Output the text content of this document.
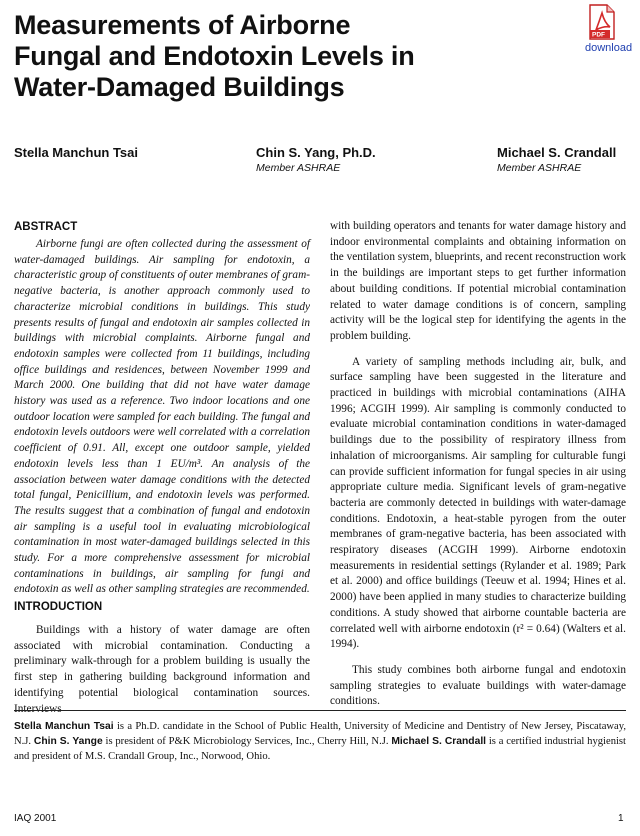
Measurements of Airborne
Fungal and Endotoxin Levels in
Water-Damaged Buildings
PDF
download
Stella Manchun Tsai	Chin S. Yang, Ph.D.
Member ASHRAE
Michael S. Crandall
Member ASHRAE
ABSTRACT

Airborne fungi are often collected during the assessment of water-damaged buildings. Air sampling for endotoxin, a characteristic group of constituents of outer membranes of gram-negative bacteria, is another approach commonly used to characterize microbial conditions in buildings. This study presents results of fungal and endotoxin air samples collected in buildings with microbial complaints. Airborne fungal and endotoxin samples were collected from 11 buildings, including office buildings and residences, between November 1999 and March 2000. One building that did not have water damage history was used as a reference. Two indoor locations and one outdoor location were sampled for each building. The fungal and endotoxin levels outdoors were well correlated with a correlation coefficient of 0.91. All, except one outdoor sample, yielded endotoxin levels less than 1 EU/m³. An analysis of the association between water damage conditions with the detected total fungal, Penicillium, and endotoxin levels was performed. The results suggest that a combination of fungal and endotoxin air sampling is a useful tool in evaluating microbiological contamination in most water-damaged buildings selected in this study. For a more comprehensive assessment for microbial contaminations in buildings, air sampling for fungi and endotoxin as well as other sampling strategies are recommended.

INTRODUCTION

Buildings with a history of water damage are often associated with microbial contamination. Conducting a preliminary walk-through for a problem building is usually the first step in gathering building background information and identifying potential biological contamination sources. Interviews

with building operators and tenants for water damage history and indoor environmental complaints and obtaining information on the ventilation system, blueprints, and recent reconstruction work in the buildings are important steps to get further information about building conditions. If potential microbial contamination related to water damage conditions is of concern, sampling activity will be the logical step for identifying the agents in the problem building.

A variety of sampling methods including air, bulk, and surface sampling have been suggested in the literature and practiced in buildings with microbial contaminations (AIHA 1996; ACGIH 1999). Air sampling is commonly conducted to evaluate microbial contamination conditions in water-damaged buildings due to the possibility of respiratory illness from inhalation of microorganisms. Air sampling for culturable fungi can provide sufficient information for fungal species in air using appropriate culture media. Significant levels of gram-negative bacteria are commonly detected in buildings with water-damage conditions. Endotoxin, a heat-stable pyrogen from the outer membranes of gram-negative bacteria, has been associated with respiratory diseases (ACGIH 1999). Airborne endotoxin measurements in residential settings (Rylander et al. 1989; Park et al. 2000) and office buildings (Teeuw et al. 1994; Hines et al. 2000) have been applied in many studies to characterize building conditions. A study showed that airborne countable bacteria are correlated well with airborne endotoxin (r² = 0.64) (Walters et al. 1994).

This study combines both airborne fungal and endotoxin sampling strategies to evaluate buildings with water-damage conditions.

Stella Manchun Tsai is a Ph.D. candidate in the School of Public Health, University of Medicine and Dentistry of New Jersey, Piscataway, N.J. Chin S. Yange is president of P&K Microbiology Services, Inc., Cherry Hill, N.J. Michael S. Crandall is a certified industrial hygienist and president of M.S. Crandall Group, Inc., Norwood, Ohio.
IAQ 2001	1
